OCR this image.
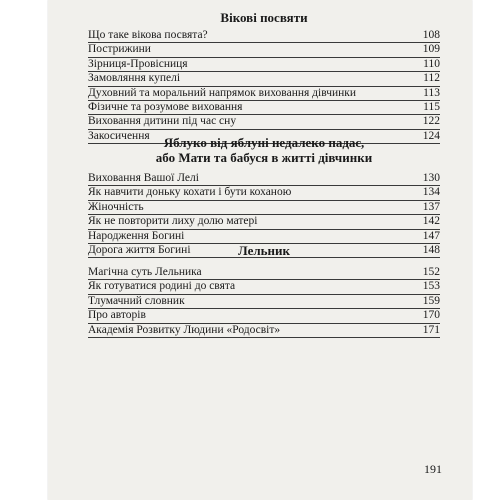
Вікові посвяти

Що таке вікова посвята?	108
Пострижини	109
Зірниця-Провісниця	110
Замовляння купелі	112
Духовний та моральний напрямок виховання дівчинки	113
Фізичне та розумове виховання	115
Виховання дитини під час сну	122
Закосичення	124

Яблуко від яблуні недалеко падає,

або Мати та бабуся в житті дівчинки

Виховання Вашої Лелі	130
Як навчити доньку кохати і бути коханою	134
Жіночність	137
Як не повторити лиху долю матері	142
Народження Богині	147
Дорога життя Богині	148

Лельник

Магічна суть Лельника	152
Як готуватися родині до свята	153
Тлумачний словник	159
Про авторів	170
Академія Розвитку Людини «Родосвіт»	171
191
